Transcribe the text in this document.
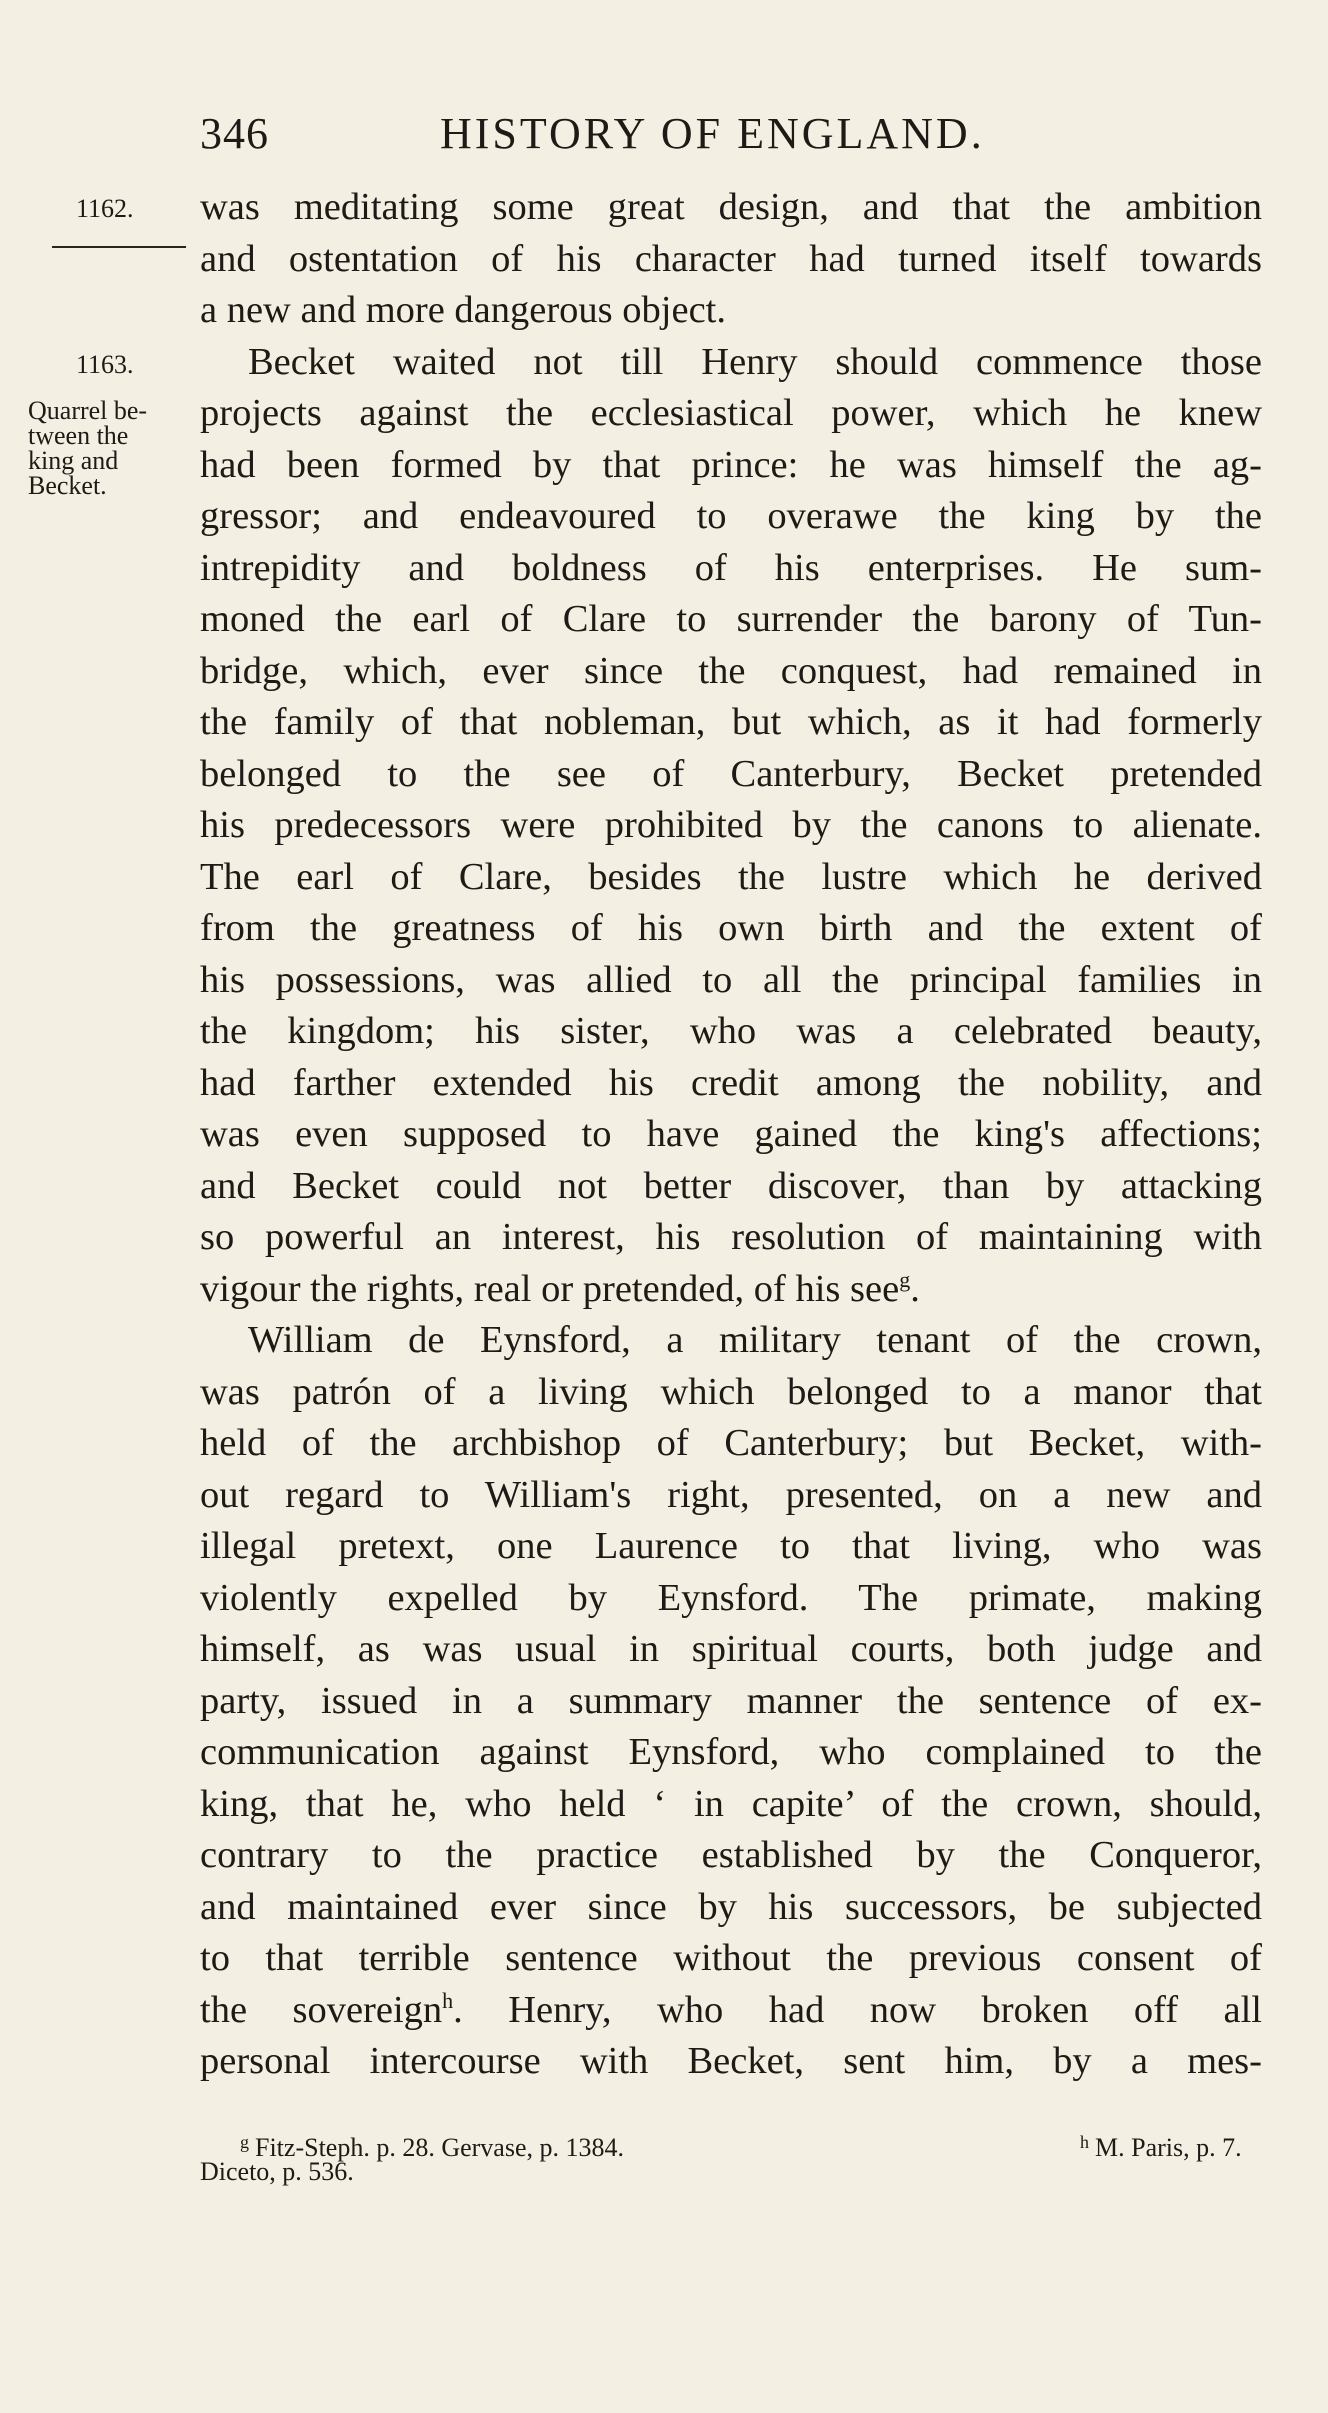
346	HISTORY OF ENGLAND.
1162.
1163.
Quarrel be-
tween the
king and
Becket.
was meditating some great design, and that the ambition
and ostentation of his character had turned itself towards
a new and more dangerous object.
Becket waited not till Henry should commence those
projects against the ecclesiastical power, which he knew
had been formed by that prince: he was himself the ag-
gressor; and endeavoured to overawe the king by the
intrepidity and boldness of his enterprises. He sum-
moned the earl of Clare to surrender the barony of Tun-
bridge, which, ever since the conquest, had remained in
the family of that nobleman, but which, as it had formerly
belonged to the see of Canterbury, Becket pretended
his predecessors were prohibited by the canons to alienate.
The earl of Clare, besides the lustre which he derived
from the greatness of his own birth and the extent of
his possessions, was allied to all the principal families in
the kingdom; his sister, who was a celebrated beauty,
had farther extended his credit among the nobility, and
was even supposed to have gained the king's affections;
and Becket could not better discover, than by attacking
so powerful an interest, his resolution of maintaining with
vigour the rights, real or pretended, of his see$^g$.
William de Eynsford, a military tenant of the crown,
was patrón of a living which belonged to a manor that
held of the archbishop of Canterbury; but Becket, with-
out regard to William's right, presented, on a new and
illegal pretext, one Laurence to that living, who was
violently expelled by Eynsford. The primate, making
himself, as was usual in spiritual courts, both judge and
party, issued in a summary manner the sentence of ex-
communication against Eynsford, who complained to the
king, that he, who held ‘ in capite’ of the crown, should,
contrary to the practice established by the Conqueror,
and maintained ever since by his successors, be subjected
to that terrible sentence without the previous consent of
the sovereign$^h$. Henry, who had now broken off all
personal intercourse with Becket, sent him, by a mes-
$^g$ Fitz-Steph. p. 28. Gervase, p. 1384.	$^h$ M. Paris, p. 7.
Diceto, p. 536.
